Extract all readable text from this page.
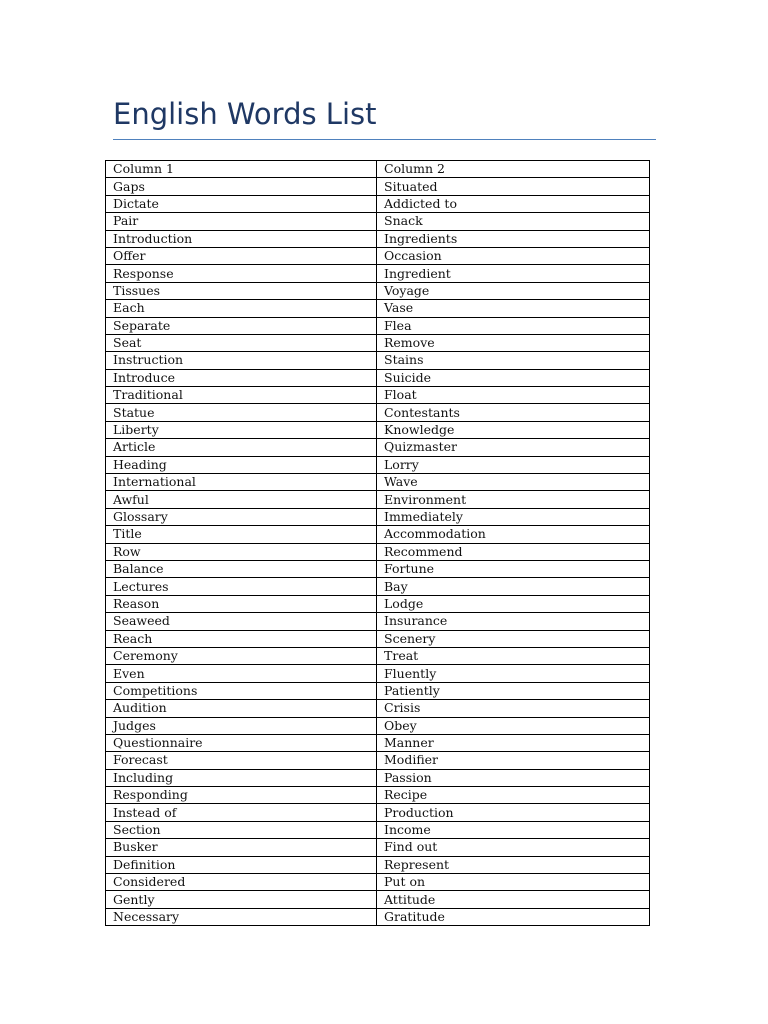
English Words List
Column 1	Column 2
Gaps	Situated
Dictate	Addicted to
Pair	Snack
Introduction	Ingredients
Offer	Occasion
Response	Ingredient
Tissues	Voyage
Each	Vase
Separate	Flea
Seat	Remove
Instruction	Stains
Introduce	Suicide
Traditional	Float
Statue	Contestants
Liberty	Knowledge
Article	Quizmaster
Heading	Lorry
International	Wave
Awful	Environment
Glossary	Immediately
Title	Accommodation
Row	Recommend
Balance	Fortune
Lectures	Bay
Reason	Lodge
Seaweed	Insurance
Reach	Scenery
Ceremony	Treat
Even	Fluently
Competitions	Patiently
Audition	Crisis
Judges	Obey
Questionnaire	Manner
Forecast	Modifier
Including	Passion
Responding	Recipe
Instead of	Production
Section	Income
Busker	Find out
Definition	Represent
Considered	Put on
Gently	Attitude
Necessary	Gratitude
